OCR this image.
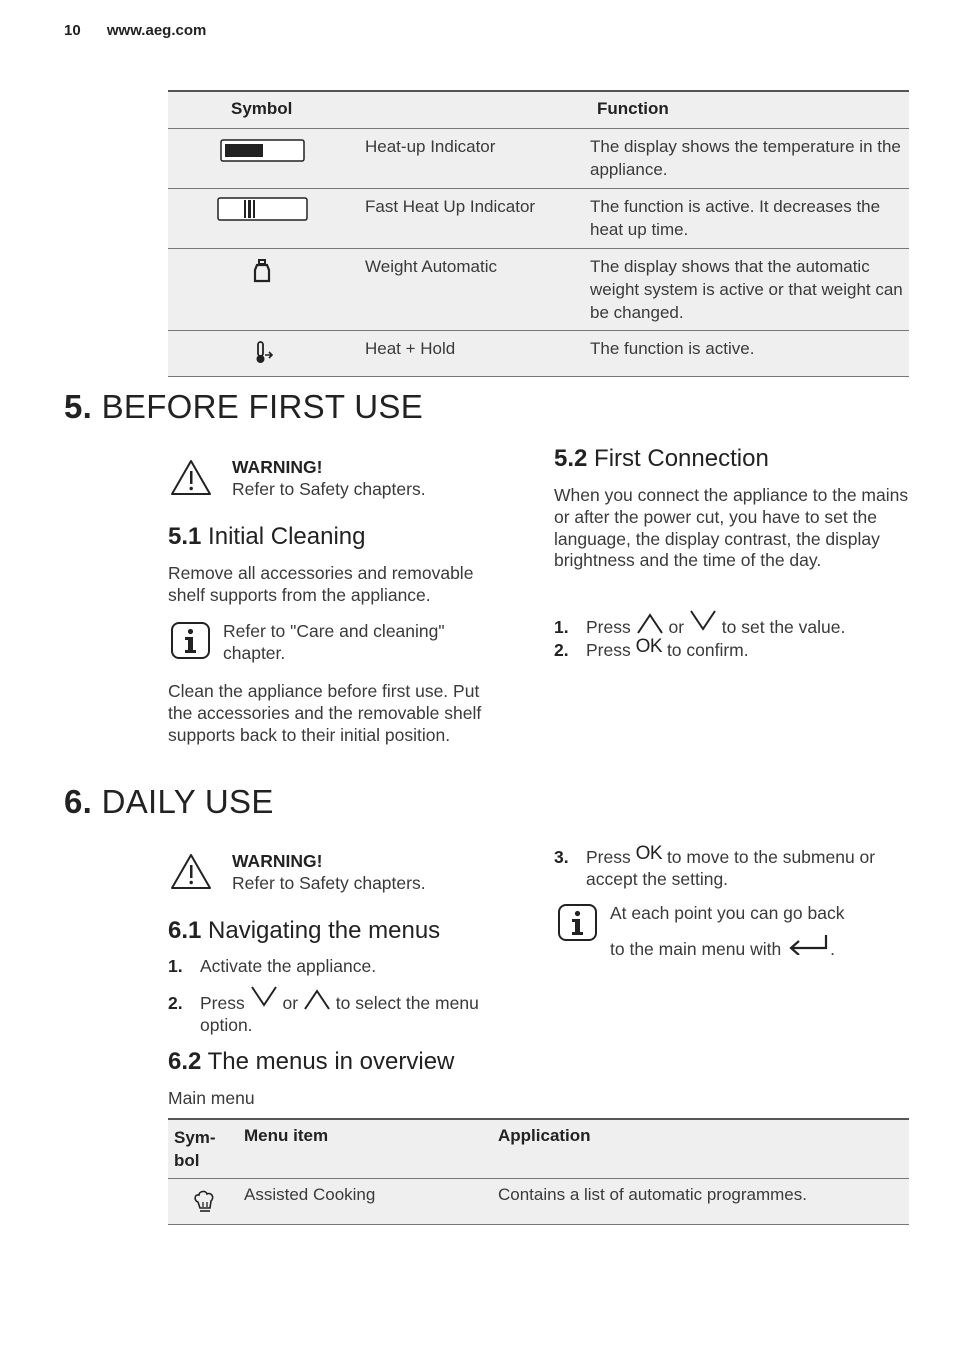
10 www.aeg.com
Symbol	Function
Heat-up Indicator	The display shows the temperature in the appliance.
Fast Heat Up Indicator	The function is active. It decreases the heat up time.
Weight Automatic	The display shows that the automatic weight system is active or that weight can be changed.
Heat + Hold	The function is active.
5. BEFORE FIRST USE
WARNING!
Refer to Safety chapters.
5.1 Initial Cleaning
Remove all accessories and removable shelf supports from the appliance.
Refer to "Care and cleaning" chapter.
Clean the appliance before first use. Put the accessories and the removable shelf supports back to their initial position.
5.2 First Connection
When you connect the appliance to the mains or after the power cut, you have to set the language, the display contrast, the display brightness and the time of the day.
1. Press or to set the value.
2. Press OK to confirm.
6. DAILY USE
WARNING!
Refer to Safety chapters.
6.1 Navigating the menus
1. Activate the appliance.
2. Press or to select the menu
option.
3. Press OK to move to the submenu or
accept the setting.
At each point you can go back
to the main menu with	.
6.2 The menus in overview
Main menu
Sym-
bol
Menu item	Application
Assisted Cooking	Contains a list of automatic programmes.
